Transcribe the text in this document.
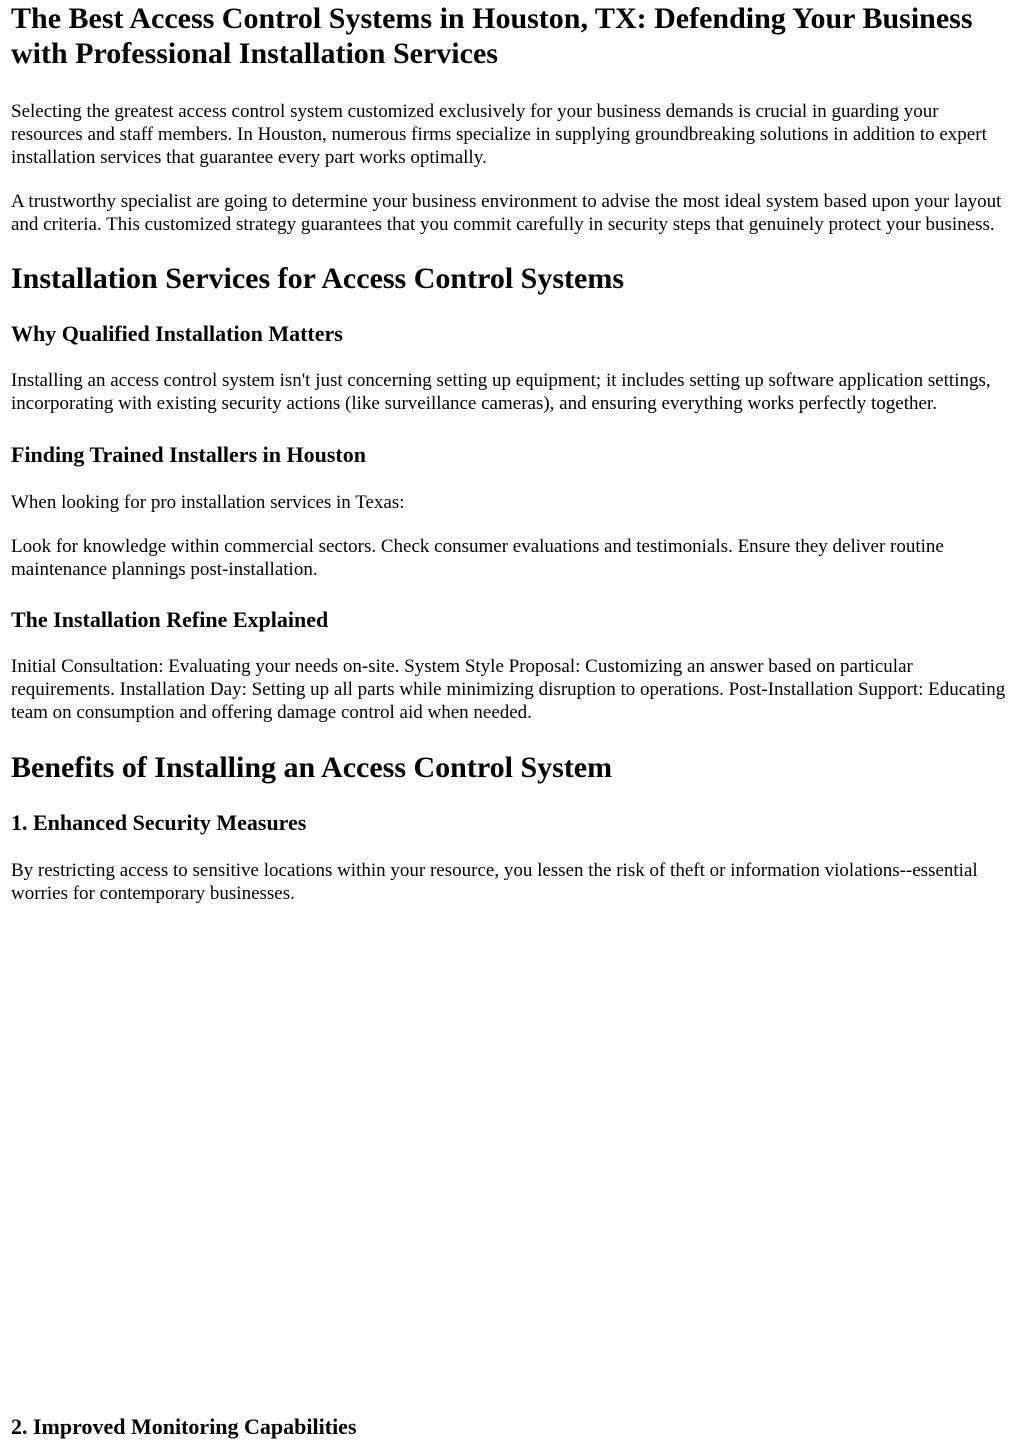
The Best Access Control Systems in Houston, TX: Defending Your Business with Professional Installation Services

Selecting the greatest access control system customized exclusively for your business demands is crucial in guarding your resources and staff members. In Houston, numerous firms specialize in supplying groundbreaking solutions in addition to expert installation services that guarantee every part works optimally.

A trustworthy specialist are going to determine your business environment to advise the most ideal system based upon your layout and criteria. This customized strategy guarantees that you commit carefully in security steps that genuinely protect your business.

Installation Services for Access Control Systems
Why Qualified Installation Matters

Installing an access control system isn't just concerning setting up equipment; it includes setting up software application settings, incorporating with existing security actions (like surveillance cameras), and ensuring everything works perfectly together.

Finding Trained Installers in Houston

When looking for pro installation services in Texas:

Look for knowledge within commercial sectors. Check consumer evaluations and testimonials. Ensure they deliver routine maintenance plannings post-installation.

The Installation Refine Explained

Initial Consultation: Evaluating your needs on-site. System Style Proposal: Customizing an answer based on particular requirements. Installation Day: Setting up all parts while minimizing disruption to operations. Post-Installation Support: Educating team on consumption and offering damage control aid when needed.

Benefits of Installing an Access Control System
1. Enhanced Security Measures

By restricting access to sensitive locations within your resource, you lessen the risk of theft or information violations--essential worries for contemporary businesses.

2. Improved Monitoring Capabilities
